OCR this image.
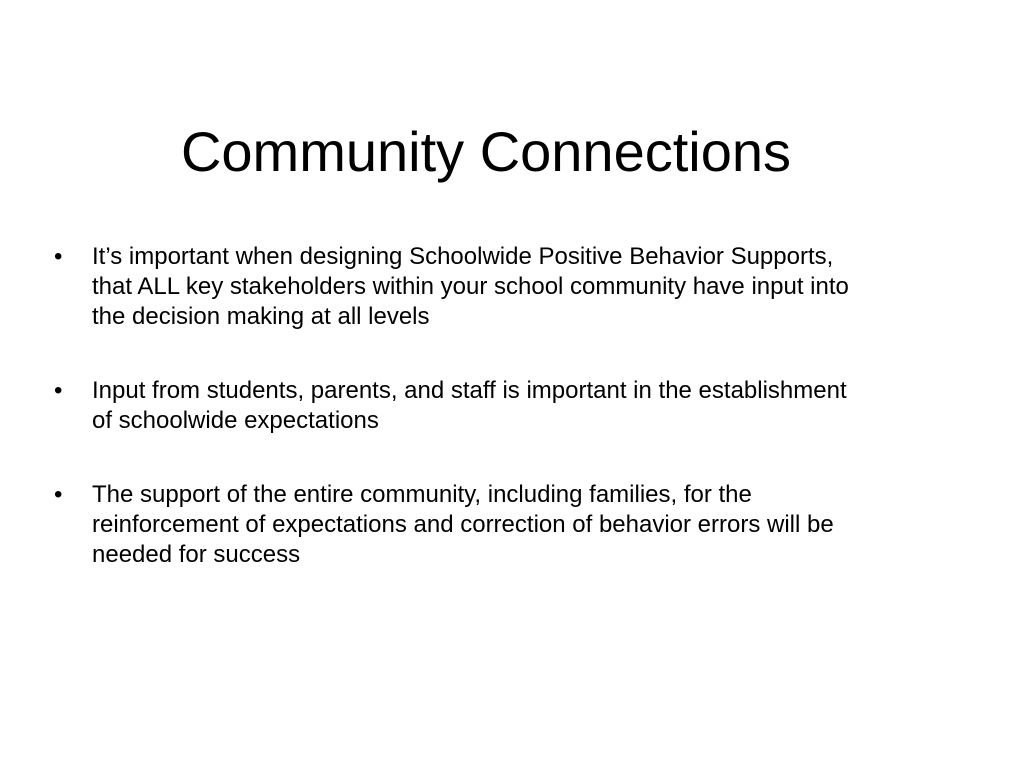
Community Connections
•	It’s important when designing Schoolwide Positive Behavior Supports, that ALL key stakeholders within your school community have input into the decision making at all levels
•	Input from students, parents, and staff is important in the establishment of schoolwide expectations
•	The support of the entire community, including families, for the reinforcement of expectations and correction of behavior errors will be needed for success
